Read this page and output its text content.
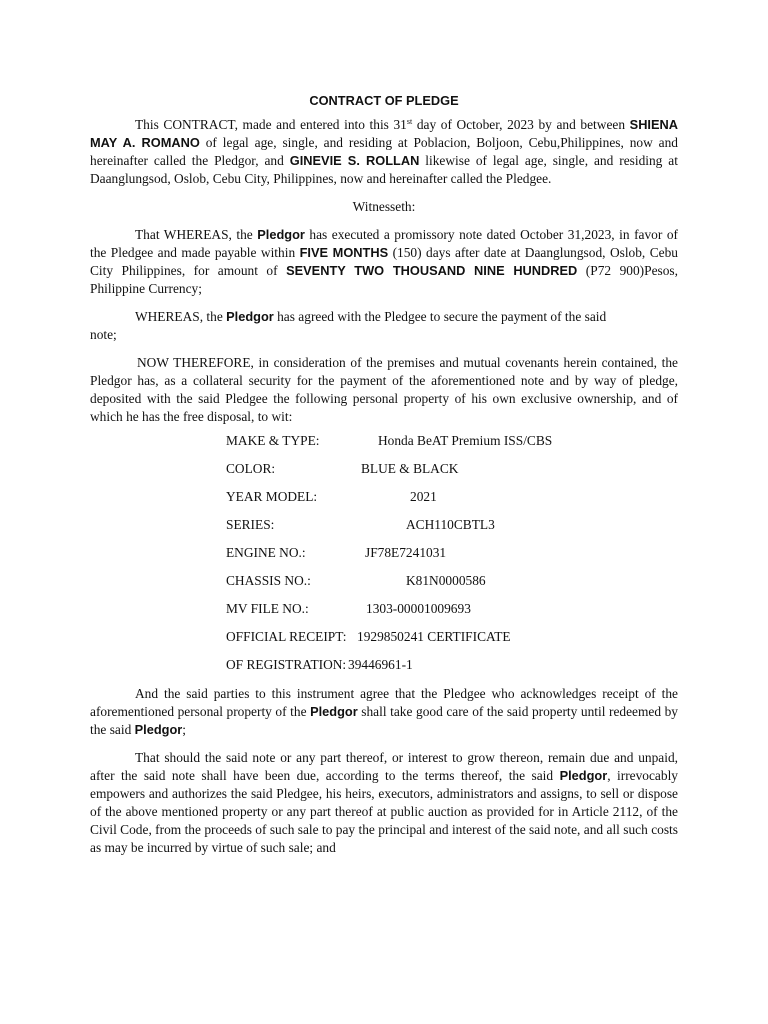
CONTRACT OF PLEDGE

This CONTRACT, made and entered into this 31st day of October, 2023 by and between SHIENA MAY A. ROMANO of legal age, single, and residing at Poblacion, Boljoon, Cebu,Philippines, now and hereinafter called the Pledgor, and GINEVIE S. ROLLAN likewise of legal age, single, and residing at Daanglungsod, Oslob, Cebu City, Philippines, now and hereinafter called the Pledgee.

Witnesseth:

That WHEREAS, the Pledgor has executed a promissory note dated October 31,2023, in favor of the Pledgee and made payable within FIVE MONTHS (150) days after date at Daanglungsod, Oslob, Cebu City Philippines, for amount of SEVENTY TWO THOUSAND NINE HUNDRED (P72 900)Pesos, Philippine Currency;

WHEREAS, the Pledgor has agreed with the Pledgee to secure the payment of the said

note;

NOW THEREFORE, in consideration of the premises and mutual covenants herein contained, the Pledgor has, as a collateral security for the payment of the aforementioned note and by way of pledge, deposited with the said Pledgee the following personal property of his own exclusive ownership, and of which he has the free disposal, to wit:

MAKE & TYPE:	Honda BeAT Premium ISS/CBS
COLOR:	BLUE & BLACK
YEAR MODEL:	2021
SERIES:	ACH110CBTL3
ENGINE NO.:	JF78E7241031
CHASSIS NO.:	K81N0000586
MV FILE NO.:	1303-00001009693
OFFICIAL RECEIPT: 1929850241 CERTIFICATE
OF REGISTRATION: 39446961-1

And the said parties to this instrument agree that the Pledgee who acknowledges receipt of the aforementioned personal property of the Pledgor shall take good care of the said property until redeemed by the said Pledgor;

That should the said note or any part thereof, or interest to grow thereon, remain due and unpaid, after the said note shall have been due, according to the terms thereof, the said Pledgor, irrevocably empowers and authorizes the said Pledgee, his heirs, executors, administrators and assigns, to sell or dispose of the above mentioned property or any part thereof at public auction as provided for in Article 2112, of the Civil Code, from the proceeds of such sale to pay the principal and interest of the said note, and all such costs as may be incurred by virtue of such sale; and
